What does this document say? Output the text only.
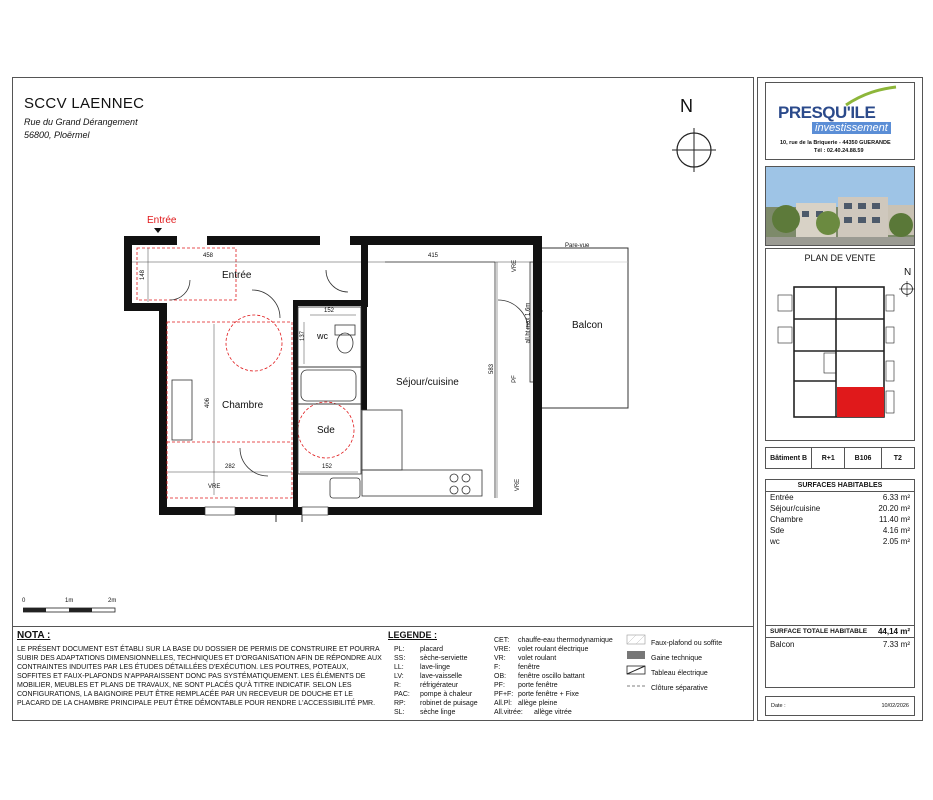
SCCV LAENNEC
Rue du Grand Dérangement
56800, Ploërmel
N
Entrée
Entrée
wc
Séjour/cuisine
Chambre
Sde
Balcon
458	415
148
152
137
583
406
282	152
Pare-vue
VRE
all.ht max 1.6m
PF
VRE
VRE
Cloison séparative
0	1m	2m
NOTA :
LE PRÉSENT DOCUMENT EST ÉTABLI SUR LA BASE DU DOSSIER DE PERMIS DE CONSTRUIRE ET POURRA SUBIR DES ADAPTATIONS DIMENSIONNELLES, TECHNIQUES ET D'ORGANISATION AFIN DE RÉPONDRE AUX CONTRAINTES INDUITES PAR LES ÉTUDES DÉTAILLÉES D'EXÉCUTION. LES POUTRES, POTEAUX, SOFFITES ET FAUX-PLAFONDS N'APPARAISSENT DONC PAS SYSTÉMATIQUEMENT. LES ÉLÉMENTS DE MOBILIER, MEUBLES ET PLANS DE TRAVAUX, NE SONT PLACÉS QU'À TITRE INDICATIF. SELON LES CONFIGURATIONS, LA BAIGNOIRE PEUT ÊTRE REMPLACÉE PAR UN RECEVEUR DE DOUCHE ET LE PLACARD DE LA CHAMBRE PRINCIPALE PEUT ÊTRE DÉMONTABLE POUR RENDRE L'ACCESSIBILITÉ PMR.
LEGENDE :
PL: placard
SS: sèche-serviette
LL: lave-linge
LV: lave-vaisselle
R:	réfrigérateur
PAC: pompe à chaleur
RP: robinet de puisage
SL: sèche linge
CET: chauffe-eau thermodynamique
VRE: volet roulant électrique
VR: volet roulant
F:	fenêtre
OB: fenêtre oscillo battant
PF: porte fenêtre
PF+F: porte fenêtre + Fixe
All.Pl: allège pleine
All.vitrée: allège vitrée
Faux-plafond ou soffite
Gaine technique
Tableau électrique
Clôture séparative
PRESQU'ILE
investissement
10, rue de la Briquerie - 44350 GUERANDE
Tél : 02.40.24.88.59
PLAN DE VENTE
N
Bâtiment B	R+1	B106	T2
SURFACES HABITABLES
Entrée	6.33 m²
Séjour/cuisine	20.20 m²
Chambre	11.40 m²
Sde	4.16 m²
wc	2.05 m²
SURFACE TOTALE HABITABLE 44,14 m²
Balcon	7.33 m²
Date :	10/02/2026
